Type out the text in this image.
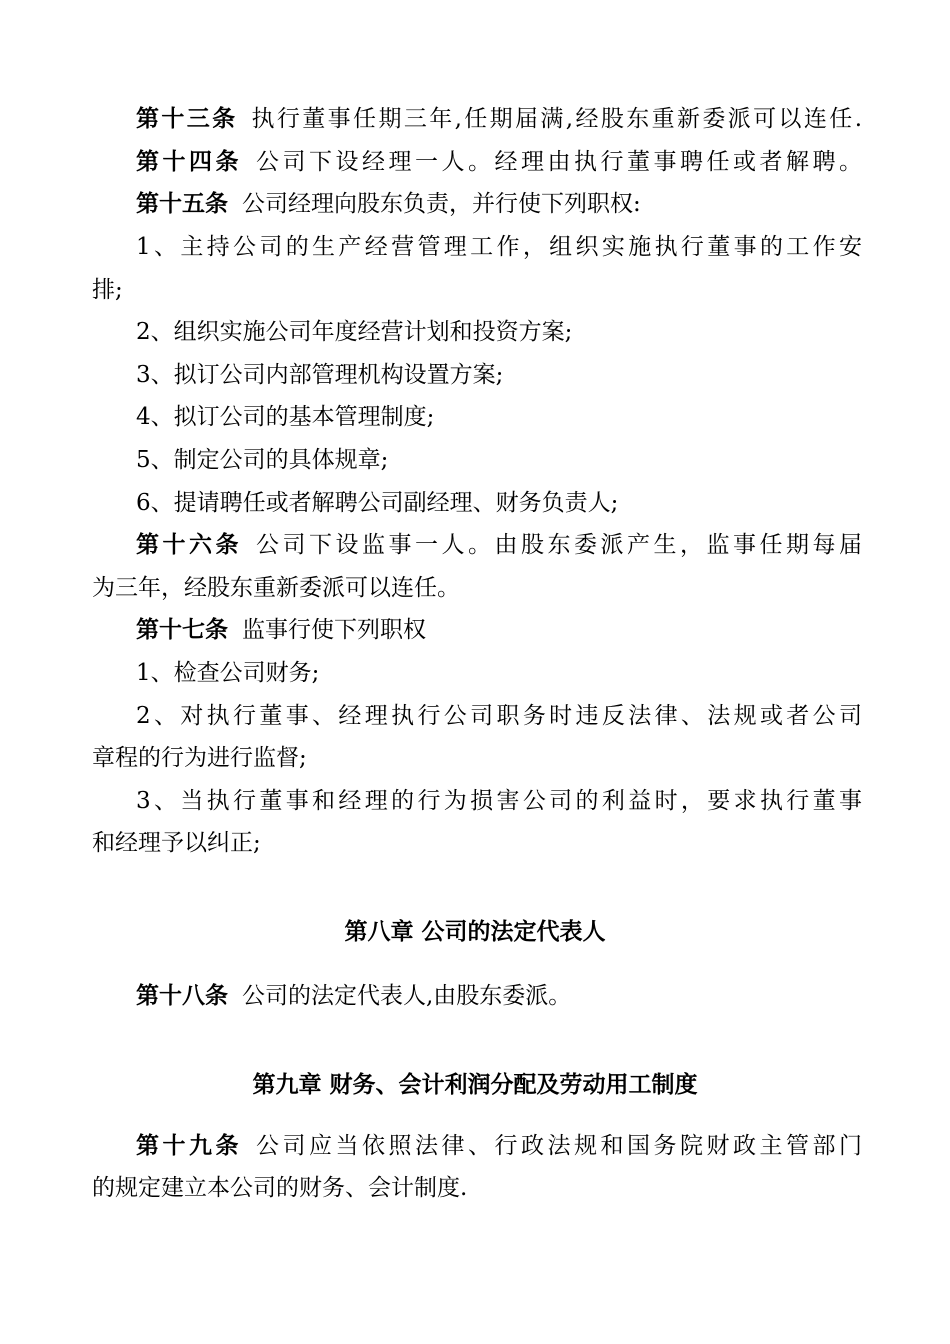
第十三条 执行董事任期三年,任期届满,经股东重新委派可以连任.
第十四条 公司下设经理一人。经理由执行董事聘任或者解聘。
第十五条 公司经理向股东负责，并行使下列职权:
1、主持公司的生产经营管理工作，组织实施执行董事的工作安
排;
2、组织实施公司年度经营计划和投资方案;
3、拟订公司内部管理机构设置方案;
4、拟订公司的基本管理制度;
5、制定公司的具体规章;
6、提请聘任或者解聘公司副经理、财务负责人;
第十六条 公司下设监事一人。由股东委派产生，监事任期每届
为三年，经股东重新委派可以连任。
第十七条 监事行使下列职权
1、检查公司财务;
2、对执行董事、经理执行公司职务时违反法律、法规或者公司
章程的行为进行监督;
3、当执行董事和经理的行为损害公司的利益时，要求执行董事
和经理予以纠正;
第八章 公司的法定代表人
第十八条 公司的法定代表人,由股东委派。
第九章 财务、会计利润分配及劳动用工制度
第十九条 公司应当依照法律、行政法规和国务院财政主管部门
的规定建立本公司的财务、会计制度.
